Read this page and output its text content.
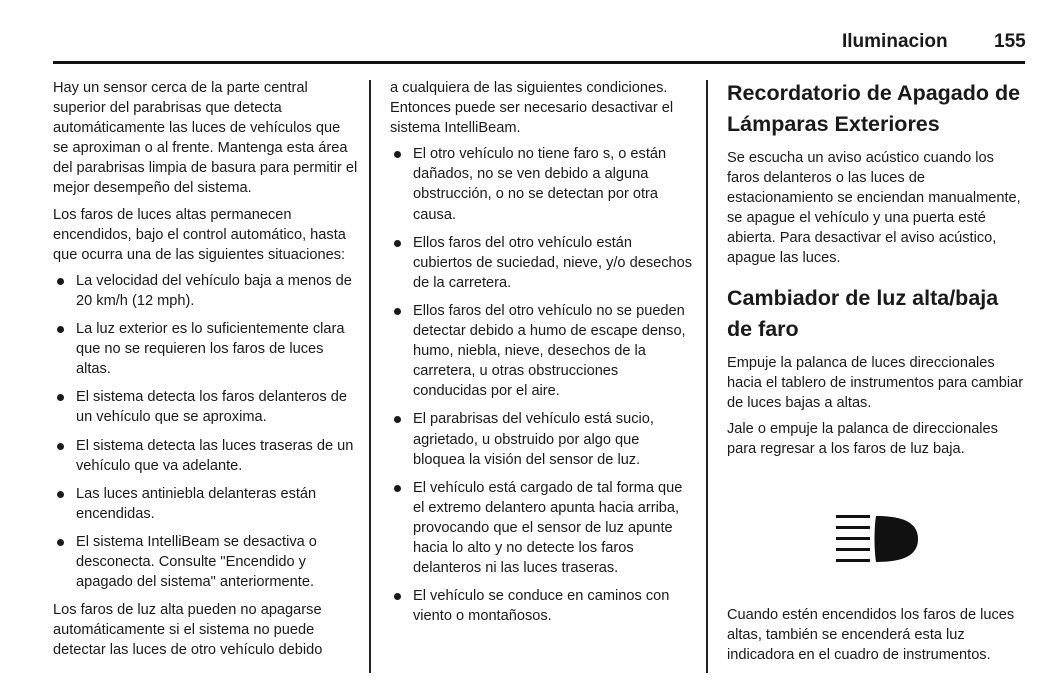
Iluminacion 155

Hay un sensor cerca de la parte central superior del parabrisas que detecta automáticamente las luces de vehículos que se aproximan o al frente. Mantenga esta área del parabrisas limpia de basura para permitir el mejor desempeño del sistema.

Los faros de luces altas permanecen encendidos, bajo el control automático, hasta que ocurra una de las siguientes situaciones:

La velocidad del vehículo baja a menos de 20 km/h (12 mph).
La luz exterior es lo suficientemente clara que no se requieren los faros de luces altas.
El sistema detecta los faros delanteros de un vehículo que se aproxima.
El sistema detecta las luces traseras de un vehículo que va adelante.
Las luces antiniebla delanteras están encendidas.
El sistema IntelliBeam se desactiva o desconecta. Consulte "Encendido y apagado del sistema" anteriormente.

Los faros de luz alta pueden no apagarse automáticamente si el sistema no puede detectar las luces de otro vehículo debido

a cualquiera de las siguientes condiciones. Entonces puede ser necesario desactivar el sistema IntelliBeam.

El otro vehículo no tiene faro s, o están dañados, no se ven debido a alguna obstrucción, o no se detectan por otra causa.
Ellos faros del otro vehículo están cubiertos de suciedad, nieve, y/o desechos de la carretera.
Ellos faros del otro vehículo no se pueden detectar debido a humo de escape denso, humo, niebla, nieve, desechos de la carretera, u otras obstrucciones conducidas por el aire.
El parabrisas del vehículo está sucio, agrietado, u obstruido por algo que bloquea la visión del sensor de luz.
El vehículo está cargado de tal forma que el extremo delantero apunta hacia arriba, provocando que el sensor de luz apunte hacia lo alto y no detecte los faros delanteros ni las luces traseras.
El vehículo se conduce en caminos con viento o montañosos.
Recordatorio de Apagado de Lámparas Exteriores

Se escucha un aviso acústico cuando los faros delanteros o las luces de estacionamiento se enciendan manualmente, se apague el vehículo y una puerta esté abierta. Para desactivar el aviso acústico, apague las luces.

Cambiador de luz alta/baja de faro

Empuje la palanca de luces direccionales hacia el tablero de instrumentos para cambiar de luces bajas a altas.

Jale o empuje la palanca de direccionales para regresar a los faros de luz baja.

Cuando estén encendidos los faros de luces altas, también se encenderá esta luz indicadora en el cuadro de instrumentos.
